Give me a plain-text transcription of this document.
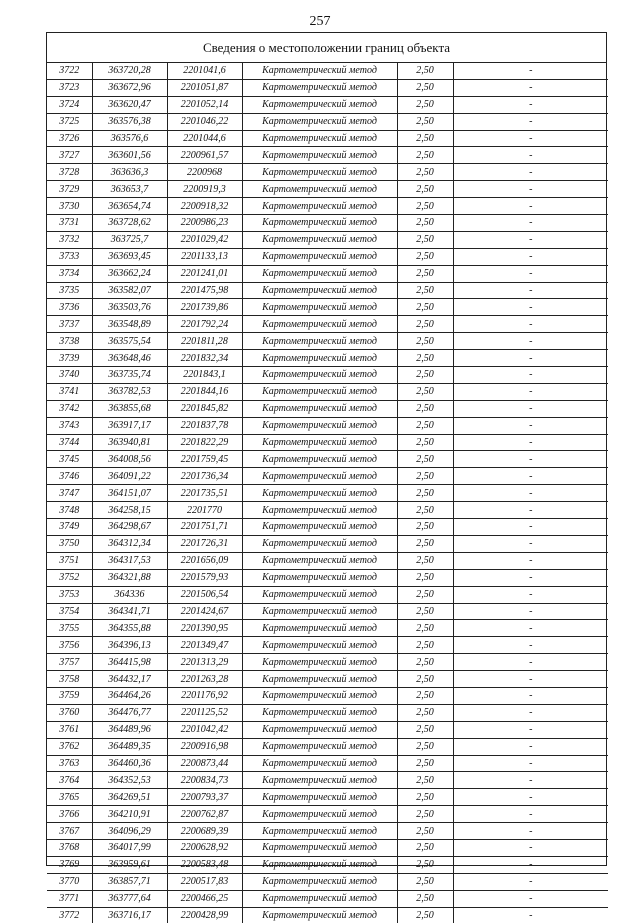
257
Сведения о местоположении границ объекта
3722	363720,28	2201041,6	Картометрический метод	2,50	-
3723	363672,96	2201051,87	Картометрический метод	2,50	-
3724	363620,47	2201052,14	Картометрический метод	2,50	-
3725	363576,38	2201046,22	Картометрический метод	2,50	-
3726	363576,6	2201044,6	Картометрический метод	2,50	-
3727	363601,56	2200961,57	Картометрический метод	2,50	-
3728	363636,3	2200968	Картометрический метод	2,50	-
3729	363653,7	2200919,3	Картометрический метод	2,50	-
3730	363654,74	2200918,32	Картометрический метод	2,50	-
3731	363728,62	2200986,23	Картометрический метод	2,50	-
3732	363725,7	2201029,42	Картометрический метод	2,50	-
3733	363693,45	2201133,13	Картометрический метод	2,50	-
3734	363662,24	2201241,01	Картометрический метод	2,50	-
3735	363582,07	2201475,98	Картометрический метод	2,50	-
3736	363503,76	2201739,86	Картометрический метод	2,50	-
3737	363548,89	2201792,24	Картометрический метод	2,50	-
3738	363575,54	2201811,28	Картометрический метод	2,50	-
3739	363648,46	2201832,34	Картометрический метод	2,50	-
3740	363735,74	2201843,1	Картометрический метод	2,50	-
3741	363782,53	2201844,16	Картометрический метод	2,50	-
3742	363855,68	2201845,82	Картометрический метод	2,50	-
3743	363917,17	2201837,78	Картометрический метод	2,50	-
3744	363940,81	2201822,29	Картометрический метод	2,50	-
3745	364008,56	2201759,45	Картометрический метод	2,50	-
3746	364091,22	2201736,34	Картометрический метод	2,50	-
3747	364151,07	2201735,51	Картометрический метод	2,50	-
3748	364258,15	2201770	Картометрический метод	2,50	-
3749	364298,67	2201751,71	Картометрический метод	2,50	-
3750	364312,34	2201726,31	Картометрический метод	2,50	-
3751	364317,53	2201656,09	Картометрический метод	2,50	-
3752	364321,88	2201579,93	Картометрический метод	2,50	-
3753	364336	2201506,54	Картометрический метод	2,50	-
3754	364341,71	2201424,67	Картометрический метод	2,50	-
3755	364355,88	2201390,95	Картометрический метод	2,50	-
3756	364396,13	2201349,47	Картометрический метод	2,50	-
3757	364415,98	2201313,29	Картометрический метод	2,50	-
3758	364432,17	2201263,28	Картометрический метод	2,50	-
3759	364464,26	2201176,92	Картометрический метод	2,50	-
3760	364476,77	2201125,52	Картометрический метод	2,50	-
3761	364489,96	2201042,42	Картометрический метод	2,50	-
3762	364489,35	2200916,98	Картометрический метод	2,50	-
3763	364460,36	2200873,44	Картометрический метод	2,50	-
3764	364352,53	2200834,73	Картометрический метод	2,50	-
3765	364269,51	2200793,37	Картометрический метод	2,50	-
3766	364210,91	2200762,87	Картометрический метод	2,50	-
3767	364096,29	2200689,39	Картометрический метод	2,50	-
3768	364017,99	2200628,92	Картометрический метод	2,50	-
3769	363959,61	2200583,48	Картометрический метод	2,50	-
3770	363857,71	2200517,83	Картометрический метод	2,50	-
3771	363777,64	2200466,25	Картометрический метод	2,50	-
3772	363716,17	2200428,99	Картометрический метод	2,50	-
